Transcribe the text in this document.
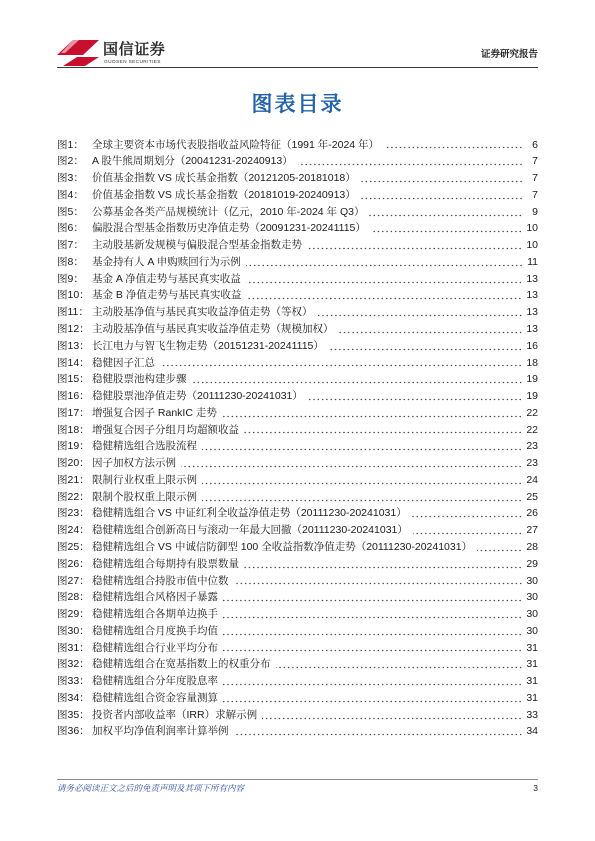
国信证券
GUOSEN SECURITIES
证券研究报告
图表目录
图1： 全球主要资本市场代表股指收益风险特征（1991 年-2024 年）	6
图2： A 股牛熊周期划分（20041231-20240913）	7
图3： 价值基金指数 VS 成长基金指数（20121205-20181018）	7
图4： 价值基金指数 VS 成长基金指数（20181019-20240913）	7
图5： 公募基金各类产品规模统计（亿元，2010 年-2024 年 Q3）	9
图6： 偏股混合型基金指数历史净值走势（20091231-20241115）	10
图7： 主动股基新发规模与偏股混合型基金指数走势	10
图8： 基金持有人 A 申购赎回行为示例	11
图9： 基金 A 净值走势与基民真实收益	13
图10： 基金 B 净值走势与基民真实收益	13
图11： 主动股基净值与基民真实收益净值走势（等权）	13
图12： 主动股基净值与基民真实收益净值走势（规模加权）	13
图13： 长江电力与智飞生物走势（20151231-20241115）	16
图14： 稳健因子汇总	18
图15： 稳健股票池构建步骤	19
图16： 稳健股票池净值走势（20111230-20241031）	19
图17： 增强复合因子 RankIC 走势	22
图18： 增强复合因子分组月均超额收益	22
图19： 稳健精选组合选股流程	23
图20： 因子加权方法示例	23
图21： 限制行业权重上限示例	24
图22： 限制个股权重上限示例	25
图23： 稳健精选组合 VS 中证红利全收益净值走势（20111230-20241031）	26
图24： 稳健精选组合创新高日与滚动一年最大回撤（20111230-20241031）	27
图25： 稳健精选组合 VS 中诚信防御型 100 全收益指数净值走势（20111230-20241031）	28
图26： 稳健精选组合每期持有股票数量	29
图27： 稳健精选组合持股市值中位数	30
图28： 稳健精选组合风格因子暴露	30
图29： 稳健精选组合各期单边换手	30
图30： 稳健精选组合月度换手均值	30
图31： 稳健精选组合行业平均分布	31
图32： 稳健精选组合在宽基指数上的权重分布	31
图33： 稳健精选组合分年度股息率	31
图34： 稳健精选组合资金容量测算	31
图35： 投资者内部收益率（IRR）求解示例	33
图36： 加权平均净值利润率计算举例	34
请务必阅读正文之后的免责声明及其项下所有内容	3
